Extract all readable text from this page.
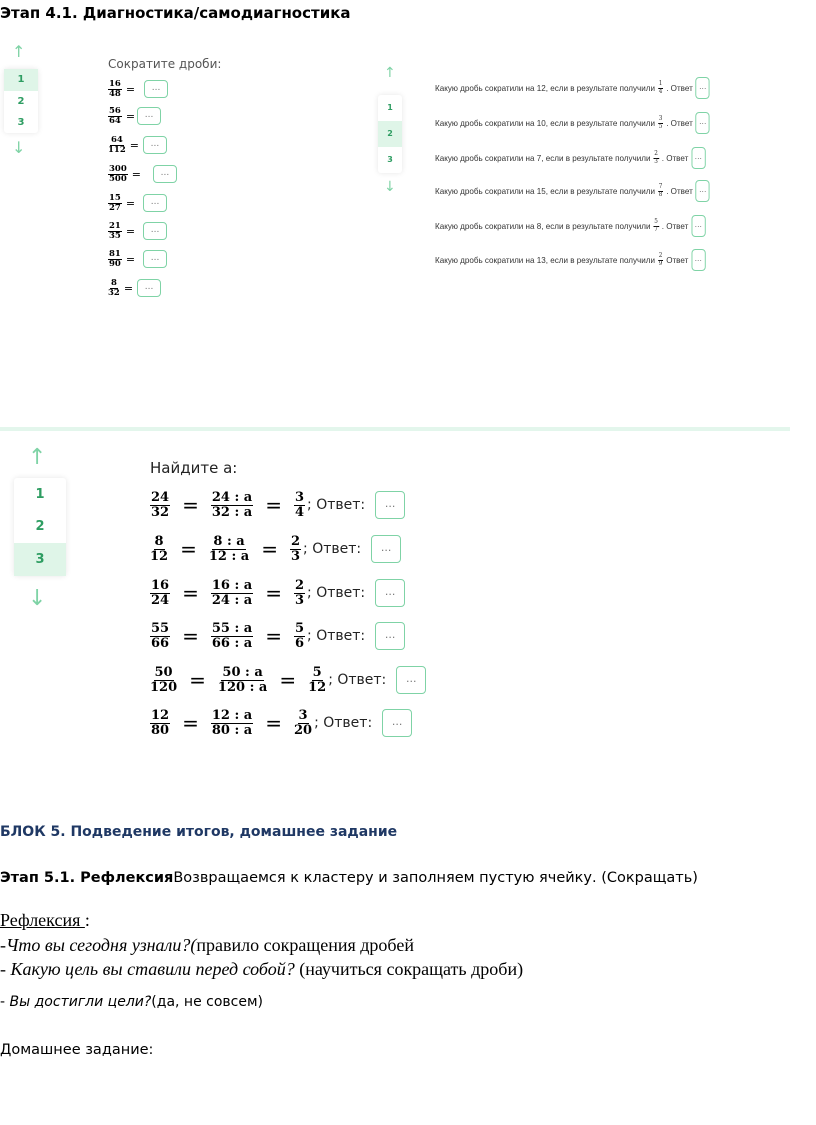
Этап 4.1. Диагностика/самодиагностика
↑
1
2
3
↓
Сократите дроби:
$\frac{16}{48}$ =	...
$\frac{56}{64}$ =	...
$\frac{64}{112}$ =	...
$\frac{300}{500}$ =	...
$\frac{15}{27}$ =	...
$\frac{21}{35}$ =	...
$\frac{81}{90}$ =	...
$\frac{8}{32}$ =	...
↑
1
2
3
↓
Какую дробь сократили на 12, если в результате получили $\frac{1}{4}$ . Ответ ...
Какую дробь сократили на 10, если в результате получили $\frac{3}{5}$ . Ответ ...
Какую дробь сократили на 7, если в результате получили $\frac{2}{3}$ . Ответ ...
Какую дробь сократили на 15, если в результате получили $\frac{7}{8}$ . Ответ ...
Какую дробь сократили на 8, если в результате получили $\frac{5}{7}$ . Ответ ...
Какую дробь сократили на 13, если в результате получили $\frac{2}{9}$ Ответ ...
↑
1
2
3
↓
Найдите а:
$\frac{24}{32} = \frac{24 : a}{32 : a} = \frac{3}{4}$ ; Ответ:	...
$\frac{8}{12} = \frac{8 : a}{12 : a} = \frac{2}{3}$ ; Ответ:	...
$\frac{16}{24} = \frac{16 : a}{24 : a} = \frac{2}{3}$ ; Ответ:	...
$\frac{55}{66} = \frac{55 : a}{66 : a} = \frac{5}{6}$ ; Ответ:	...
$\frac{50}{120} = \frac{50 : a}{120 : a} = \frac{5}{12}$ ; Ответ:	...
$\frac{12}{80} = \frac{12 : a}{80 : a} = \frac{3}{20}$ ; Ответ:	...
БЛОК 5. Подведение итогов, домашнее задание
Этап 5.1. РефлексияВозвращаемся к кластеру и заполняем пустую ячейку. (Сокращать)
Рефлексия :
-Что вы сегодня узнали?(правило сокращения дробей
- Какую цель вы ставили перед собой? (научиться сокращать дроби)
- Вы достигли цели?(да, не совсем)
Домашнее задание:
